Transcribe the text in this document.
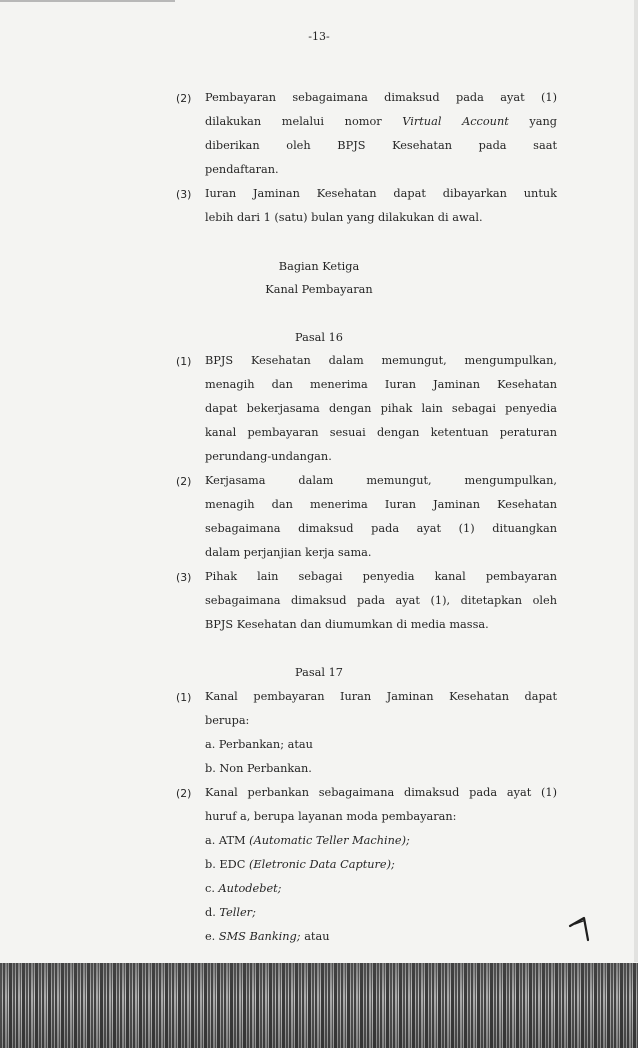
-13-
(2) Pembayaran sebagaimana dimaksud pada ayat (1)
dilakukan melalui nomor Virtual Account yang
diberikan oleh BPJS Kesehatan pada saat
pendaftaran.
(3) Iuran Jaminan Kesehatan dapat dibayarkan untuk
lebih dari 1 (satu) bulan yang dilakukan di awal.
Bagian Ketiga
Kanal Pembayaran
Pasal 16
(1) BPJS Kesehatan dalam memungut, mengumpulkan,
menagih dan menerima Iuran Jaminan Kesehatan
dapat bekerjasama dengan pihak lain sebagai penyedia
kanal pembayaran sesuai dengan ketentuan peraturan
perundang-undangan.
(2) Kerjasama dalam memungut, mengumpulkan,
menagih dan menerima Iuran Jaminan Kesehatan
sebagaimana dimaksud pada ayat (1) dituangkan
dalam perjanjian kerja sama.
(3) Pihak lain sebagai penyedia kanal pembayaran
sebagaimana dimaksud pada ayat (1), ditetapkan oleh
BPJS Kesehatan dan diumumkan di media massa.
Pasal 17
(1) Kanal pembayaran Iuran Jaminan Kesehatan dapat
berupa:
a. Perbankan; atau
b. Non Perbankan.
(2) Kanal perbankan sebagaimana dimaksud pada ayat (1)
huruf a, berupa layanan moda pembayaran:
a. ATM (Automatic Teller Machine);
b. EDC (Eletronic Data Capture);
c. Autodebet;
d. Teller;
e. SMS Banking; atau
